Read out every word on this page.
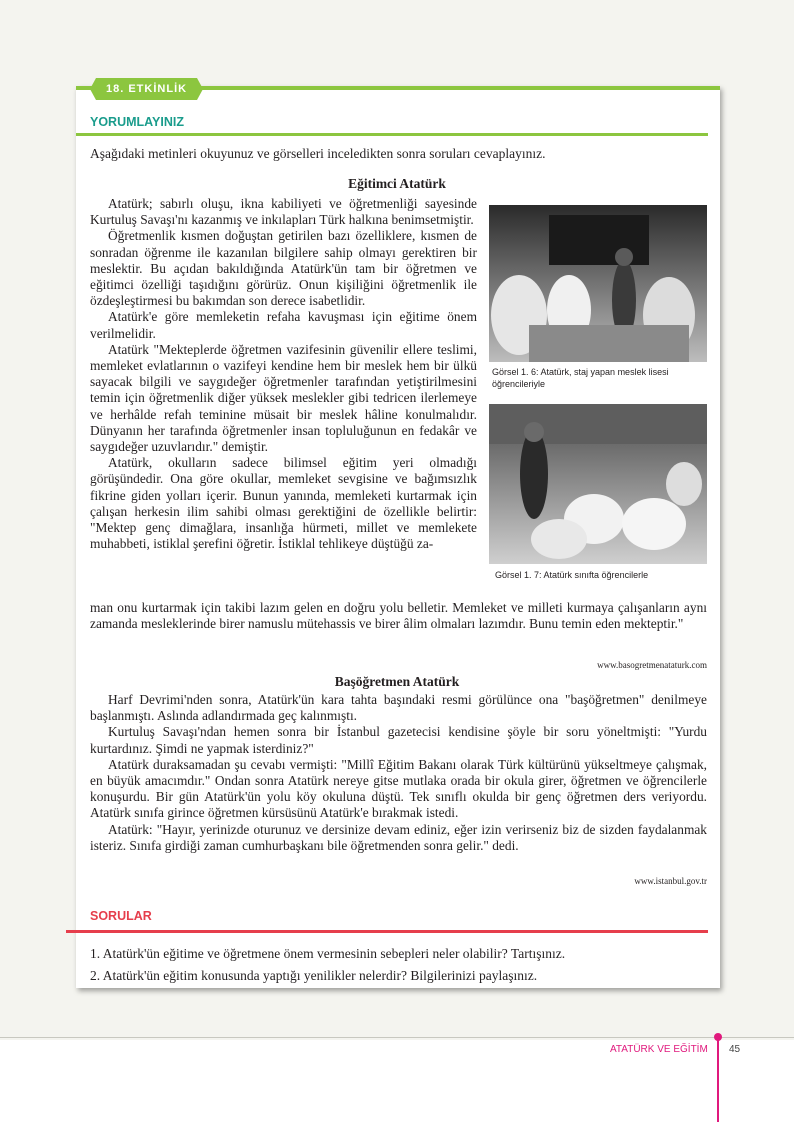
18. ETKİNLİK
YORUMLAYINIZ
Aşağıdaki metinleri okuyunuz ve görselleri inceledikten sonra soruları cevaplayınız.
Eğitimci Atatürk

Atatürk; sabırlı oluşu, ikna kabiliyeti ve öğretmenliği sayesinde Kurtuluş Savaşı'nı kazanmış ve inkılapları Türk halkına benimsetmiştir.

Öğretmenlik kısmen doğuştan getirilen bazı özelliklere, kısmen de sonradan öğrenme ile kazanılan bilgilere sahip olmayı gerektiren bir meslektir. Bu açıdan bakıldığında Atatürk'ün tam bir öğretmen ve eğitimci özelliği taşıdığını görürüz. Onun kişiliğini öğretmenlik ile özdeşleştirmesi bu bakımdan son derece isabetlidir.

Atatürk'e göre memleketin refaha kavuşması için eğitime önem verilmelidir.

Atatürk "Mekteplerde öğretmen vazifesinin güvenilir ellere teslimi, memleket evlatlarının o vazifeyi kendine hem bir meslek hem bir ülkü sayacak bilgili ve saygıdeğer öğretmenler tarafından yetiştirilmesini temin için öğretmenlik diğer yüksek meslekler gibi tedricen ilerlemeye ve herhâlde refah teminine müsait bir meslek hâline konulmalıdır. Dünyanın her tarafında öğretmenler insan topluluğunun en fedakâr ve saygıdeğer uzuvlarıdır." demiştir.

Atatürk, okulların sadece bilimsel eğitim yeri olmadığı görüşündedir. Ona göre okullar, memleket sevgisine ve bağımsızlık fikrine giden yolları içerir. Bunun yanında, memleketi kurtarmak için çalışan herkesin ilim sahibi olması gerektiğini de özellikle belirtir: "Mektep genç dimağlara, insanlığa hürmeti, millet ve memlekete muhabbeti, istiklal şerefini öğretir. İstiklal tehlikeye düştüğü za-

man onu kurtarmak için takibi lazım gelen en doğru yolu belletir. Memleket ve milleti kurmaya çalışanların aynı zamanda mesleklerinde birer namuslu mütehassis ve birer âlim olmaları lazımdır. Bunu temin eden mekteptir."

www.basogretmenataturk.com
Görsel 1. 6: Atatürk, staj yapan meslek lisesi öğrencileriyle
Görsel 1. 7: Atatürk sınıfta öğrencilerle
Başöğretmen Atatürk

Harf Devrimi'nden sonra, Atatürk'ün kara tahta başındaki resmi görülünce ona "başöğretmen" denilmeye başlanmıştı. Aslında adlandırmada geç kalınmıştı.

Kurtuluş Savaşı'ndan hemen sonra bir İstanbul gazetecisi kendisine şöyle bir soru yöneltmişti: "Yurdu kurtardınız. Şimdi ne yapmak isterdiniz?"

Atatürk duraksamadan şu cevabı vermişti: "Millî Eğitim Bakanı olarak Türk kültürünü yükseltmeye çalışmak, en büyük amacımdır." Ondan sonra Atatürk nereye gitse mutlaka orada bir okula girer, öğretmen ve öğrencilerle konuşurdu. Bir gün Atatürk'ün yolu köy okuluna düştü. Tek sınıflı okulda bir genç öğretmen ders veriyordu. Atatürk sınıfa girince öğretmen kürsüsünü Atatürk'e bırakmak istedi.

Atatürk: "Hayır, yerinizde oturunuz ve dersinize devam ediniz, eğer izin verirseniz biz de sizden faydalanmak isteriz. Sınıfa girdiği zaman cumhurbaşkanı bile öğretmenden sonra gelir." dedi.

www.istanbul.gov.tr
SORULAR
1. Atatürk'ün eğitime ve öğretmene önem vermesinin sebepleri neler olabilir? Tartışınız.
2. Atatürk'ün eğitim konusunda yaptığı yenilikler nelerdir? Bilgilerinizi paylaşınız.
ATATÜRK VE EĞİTİM 45
